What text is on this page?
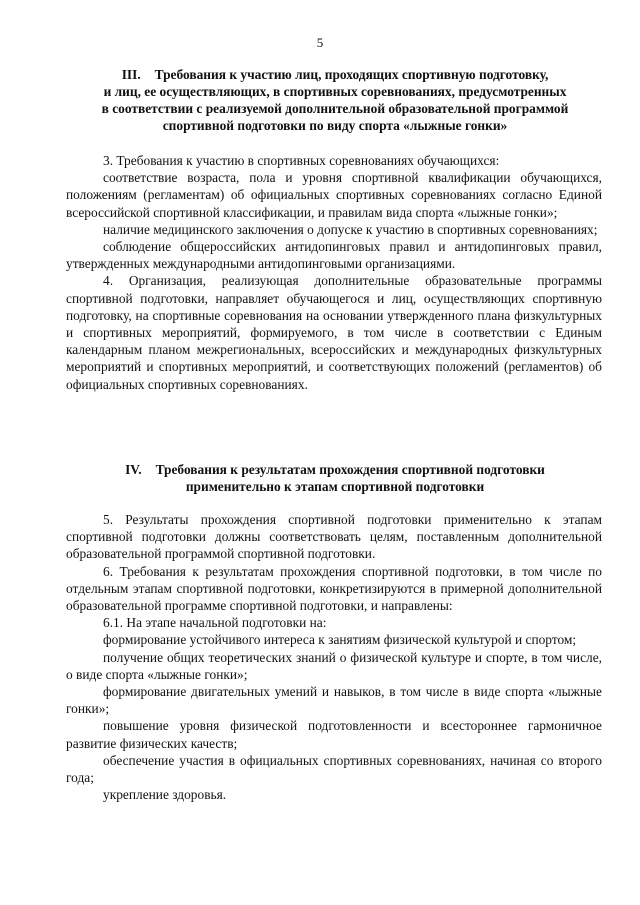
5
III. Требования к участию лиц, проходящих спортивную подготовку,
и лиц, ее осуществляющих, в спортивных соревнованиях, предусмотренных
в соответствии с реализуемой дополнительной образовательной программой
спортивной подготовки по виду спорта «лыжные гонки»

3. Требования к участию в спортивных соревнованиях обучающихся:

соответствие возраста, пола и уровня спортивной квалификации обучающихся, положениям (регламентам) об официальных спортивных соревнованиях согласно Единой всероссийской спортивной классификации, и правилам вида спорта «лыжные гонки»;

наличие медицинского заключения о допуске к участию в спортивных соревнованиях;

соблюдение общероссийских антидопинговых правил и антидопинговых правил, утвержденных международными антидопинговыми организациями.

4. Организация, реализующая дополнительные образовательные программы спортивной подготовки, направляет обучающегося и лиц, осуществляющих спортивную подготовку, на спортивные соревнования на основании утвержденного плана физкультурных и спортивных мероприятий, формируемого, в том числе в соответствии с Единым календарным планом межрегиональных, всероссийских и международных физкультурных мероприятий и спортивных мероприятий, и соответствующих положений (регламентов) об официальных спортивных соревнованиях.

IV. Требования к результатам прохождения спортивной подготовки
применительно к этапам спортивной подготовки

5. Результаты прохождения спортивной подготовки применительно к этапам спортивной подготовки должны соответствовать целям, поставленным дополнительной образовательной программой спортивной подготовки.

6. Требования к результатам прохождения спортивной подготовки, в том числе по отдельным этапам спортивной подготовки, конкретизируются в примерной дополнительной образовательной программе спортивной подготовки, и направлены:

6.1. На этапе начальной подготовки на:

формирование устойчивого интереса к занятиям физической культурой и спортом;

получение общих теоретических знаний о физической культуре и спорте, в том числе, о виде спорта «лыжные гонки»;

формирование двигательных умений и навыков, в том числе в виде спорта «лыжные гонки»;

повышение уровня физической подготовленности и всестороннее гармоничное развитие физических качеств;

обеспечение участия в официальных спортивных соревнованиях, начиная со второго года;

укрепление здоровья.
